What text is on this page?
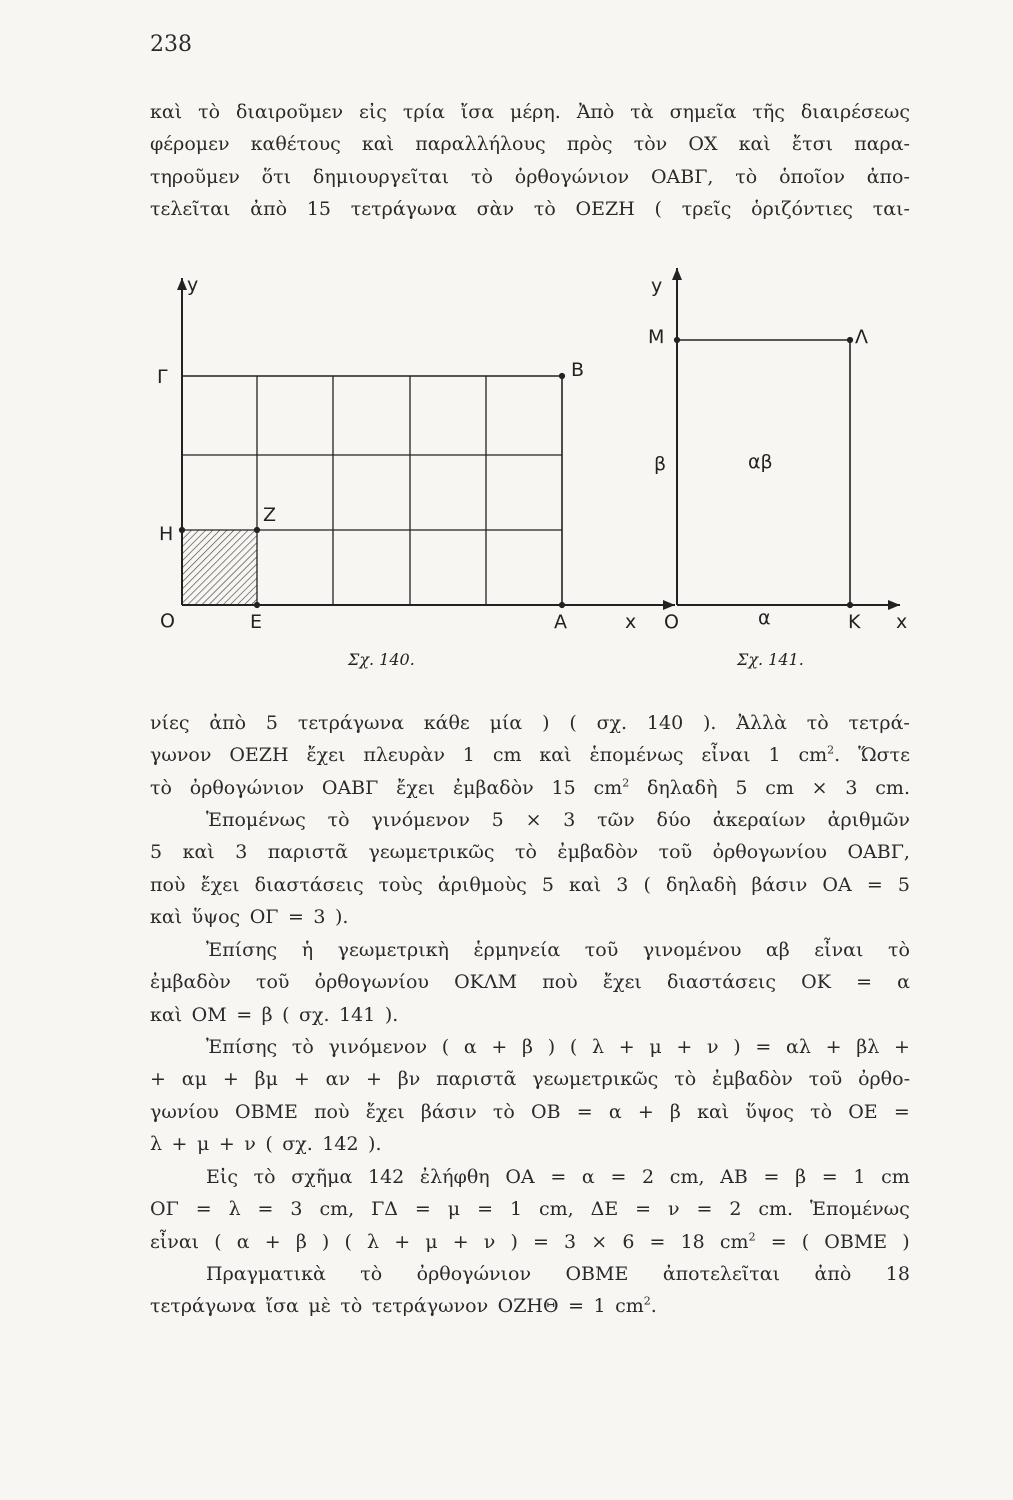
238
καὶ τὸ διαιροῦμεν εἰς τρία ἴσα μέρη. Ἀπὸ τὰ σημεῖα τῆς διαιρέσεως
φέρομεν καθέτους καὶ παραλλήλους πρὸς τὸν ΟΧ καὶ ἔτσι παρα-
τηροῦμεν ὅτι δημιουργεῖται τὸ ὀρθογώνιον ΟΑΒΓ, τὸ ὁποῖον ἀπο-
τελεῖται ἀπὸ 15 τετράγωνα σὰν τὸ ΟΕΖΗ ( τρεῖς ὁριζόντιες ται-
y
Γ	Β
Η
Ζ
Ο	Ε	Α	x
Σχ. 140.
y
Μ	Λ
β	αβ
Ο	α	Κ x
Σχ. 141.
νίες ἀπὸ 5 τετράγωνα κάθε μία ) ( σχ. 140 ). Ἀλλὰ τὸ τετρά-
γωνον ΟΕΖΗ ἔχει πλευρὰν 1 cm καὶ ἑπομένως εἶναι 1 $cm^2$. Ὥστε
τὸ ὀρθογώνιον ΟΑΒΓ ἔχει ἐμβαδὸν 15 $cm^2$ δηλαδὴ 5 cm × 3 cm.
Ἑπομένως τὸ γινόμενον 5 × 3 τῶν δύο ἀκεραίων ἀριθμῶν
5 καὶ 3 παριστᾶ γεωμετρικῶς τὸ ἐμβαδὸν τοῦ ὀρθογωνίου ΟΑΒΓ,
ποὺ ἔχει διαστάσεις τοὺς ἀριθμοὺς 5 καὶ 3 ( δηλαδὴ βάσιν ΟΑ = 5
καὶ ὕψος ΟΓ = 3 ).
Ἐπίσης ἡ γεωμετρικὴ ἑρμηνεία τοῦ γινομένου αβ εἶναι τὸ
ἐμβαδὸν τοῦ ὀρθογωνίου ΟΚΛΜ ποὺ ἔχει διαστάσεις ΟΚ = α
καὶ ΟΜ = β ( σχ. 141 ).
Ἐπίσης τὸ γινόμενον ( α + β ) ( λ + μ + ν ) = αλ + βλ +
+ αμ + βμ + αν + βν παριστᾶ γεωμετρικῶς τὸ ἐμβαδὸν τοῦ ὀρθο-
γωνίου ΟΒΜΕ ποὺ ἔχει βάσιν τὸ ΟΒ = α + β καὶ ὕψος τὸ ΟΕ =
λ + μ + ν ( σχ. 142 ).
Εἰς τὸ σχῆμα 142 ἐλήφθη ΟΑ = α = 2 cm, ΑΒ = β = 1 cm
ΟΓ = λ = 3 cm, ΓΔ = μ = 1 cm, ΔΕ = ν = 2 cm. Ἑπομένως
εἶναι ( α + β ) ( λ + μ + ν ) = 3 × 6 = 18 $cm^2$ = ( ΟΒΜΕ )
Πραγματικὰ τὸ ὀρθογώνιον ΟΒΜΕ ἀποτελεῖται ἀπὸ 18
τετράγωνα ἴσα μὲ τὸ τετράγωνον ΟΖΗΘ = 1 $cm^2$.
